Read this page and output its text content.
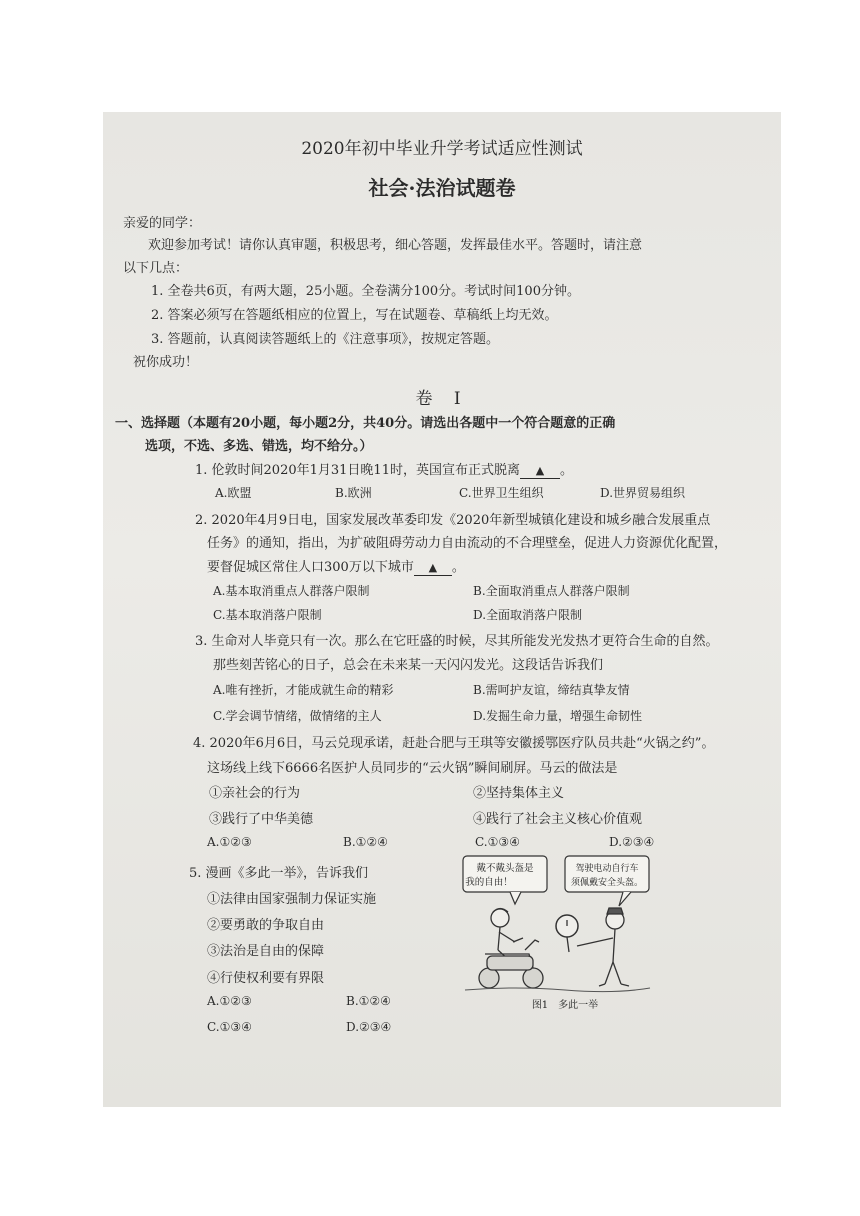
2020年初中毕业升学考试适应性测试
社会·法治试题卷
亲爱的同学：
欢迎参加考试！请你认真审题，积极思考，细心答题，发挥最佳水平。答题时，请注意
以下几点：
1. 全卷共6页，有两大题，25小题。全卷满分100分。考试时间100分钟。
2. 答案必须写在答题纸相应的位置上，写在试题卷、草稿纸上均无效。
3. 答题前，认真阅读答题纸上的《注意事项》，按规定答题。
祝你成功！
卷 Ⅰ
一、选择题（本题有20小题，每小题2分，共40分。请选出各题中一个符合题意的正确
选项，不选、多选、错选，均不给分。）
1. 伦敦时间2020年1月31日晚11时，英国宣布正式脱离 ▲ 。
A.欧盟	B.欧洲	C.世界卫生组织	D.世界贸易组织
2. 2020年4月9日电，国家发展改革委印发《2020年新型城镇化建设和城乡融合发展重点
任务》的通知，指出，为扩破阻碍劳动力自由流动的不合理壁垒，促进人力资源优化配置，
要督促城区常住人口300万以下城市 ▲ 。
A.基本取消重点人群落户限制	B.全面取消重点人群落户限制
C.基本取消落户限制	D.全面取消落户限制
3. 生命对人毕竟只有一次。那么在它旺盛的时候，尽其所能发光发热才更符合生命的自然。
那些刻苦铭心的日子，总会在未来某一天闪闪发光。这段话告诉我们
A.唯有挫折，才能成就生命的精彩	B.需呵护友谊，缔结真挚友情
C.学会调节情绪，做情绪的主人	D.发掘生命力量，增强生命韧性
4. 2020年6月6日，马云兑现承诺，赶赴合肥与王琪等安徽援鄂医疗队员共赴“火锅之约”。
这场线上线下6666名医护人员同步的“云火锅”瞬间刷屏。马云的做法是
①亲社会的行为	②坚持集体主义
③践行了中华美德	④践行了社会主义核心价值观
A.①②③	B.①②④	C.①③④	D.②③④
5. 漫画《多此一举》，告诉我们
①法律由国家强制力保证实施
②要勇敢的争取自由
③法治是自由的保障
④行使权利要有界限
A.①②③	B.①②④
C.①③④	D.②③④
戴不戴头盔是
我的自由！
驾驶电动自行车
须佩戴安全头盔。
图1　多此一举
